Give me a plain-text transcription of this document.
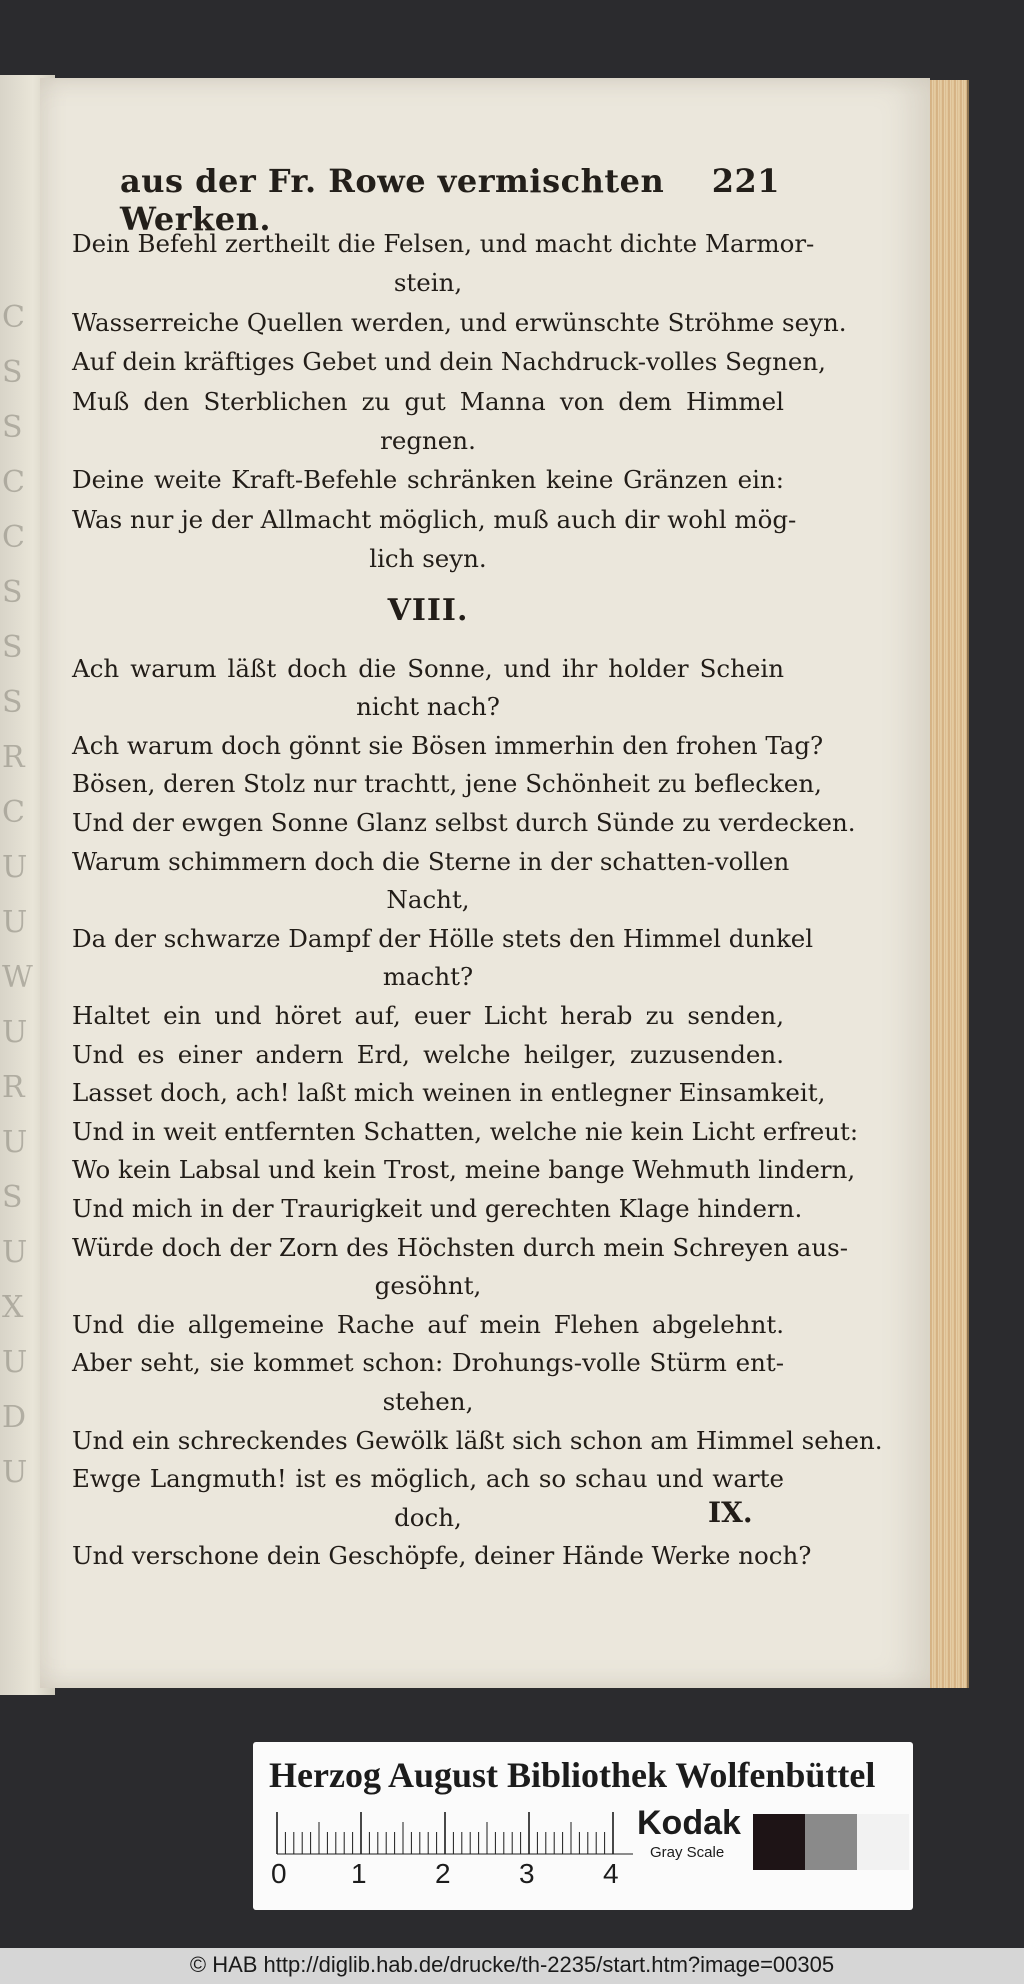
C
S
S
C
C
S
S
S
R
C
U
U
W
U
R
U
S
U
X
U
D
U
aus der Fr. Rowe vermischten Werken.
221
Dein Befehl zertheilt die Felsen, und macht dichte Marmor-
stein,
Wasserreiche Quellen werden, und erwünschte Ströhme seyn.
Auf dein kräftiges Gebet und dein Nachdruck-volles Segnen,
Muß den Sterblichen zu gut Manna von dem Himmel
regnen.
Deine weite Kraft-Befehle schränken keine Gränzen ein:
Was nur je der Allmacht möglich, muß auch dir wohl mög-
lich seyn.
VIII.
Ach warum läßt doch die Sonne, und ihr holder Schein
nicht nach?
Ach warum doch gönnt sie Bösen immerhin den frohen Tag?
Bösen, deren Stolz nur trachtt, jene Schönheit zu beflecken,
Und der ewgen Sonne Glanz selbst durch Sünde zu verdecken.
Warum schimmern doch die Sterne in der schatten-vollen
Nacht,
Da der schwarze Dampf der Hölle stets den Himmel dunkel
macht?
Haltet ein und höret auf, euer Licht herab zu senden,
Und es einer andern Erd, welche heilger, zuzusenden.
Lasset doch, ach! laßt mich weinen in entlegner Einsamkeit,
Und in weit entfernten Schatten, welche nie kein Licht erfreut:
Wo kein Labsal und kein Trost, meine bange Wehmuth lindern,
Und mich in der Traurigkeit und gerechten Klage hindern.
Würde doch der Zorn des Höchsten durch mein Schreyen aus-
gesöhnt,
Und die allgemeine Rache auf mein Flehen abgelehnt.
Aber seht, sie kommet schon: Drohungs-volle Stürm ent-
stehen,
Und ein schreckendes Gewölk läßt sich schon am Himmel sehen.
Ewge Langmuth! ist es möglich, ach so schau und warte
doch,
Und verschone dein Geschöpfe, deiner Hände Werke noch?
IX.
Herzog August Bibliothek Wolfenbüttel
0 1 2 3 4
Kodak
Gray Scale
© HAB http://diglib.hab.de/drucke/th-2235/start.htm?image=00305
